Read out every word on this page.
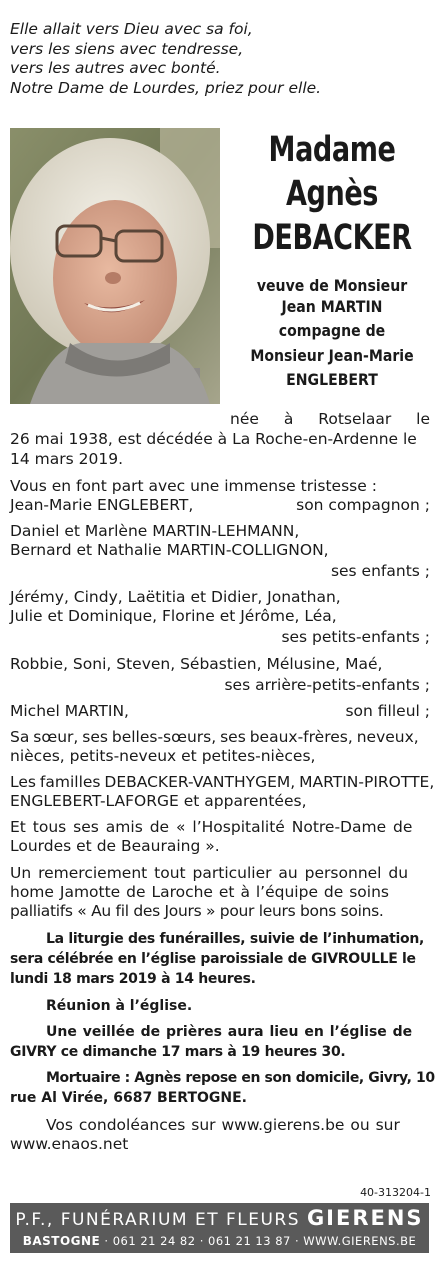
Elle allait vers Dieu avec sa foi,
vers les siens avec tendresse,
vers les autres avec bonté.
Notre Dame de Lourdes, priez pour elle.
Madame
Agnès
DEBACKER
veuve de Monsieur
Jean MARTIN
compagne de
Monsieur Jean-Marie
ENGLEBERT
née à Rotselaar le
26 mai 1938, est décédée à La Roche-en-Ardenne le
14 mars 2019.
Vous en font part avec une immense tristesse :
Jean-Marie ENGLEBERT,	son compagnon ;
Daniel et Marlène MARTIN-LEHMANN,
Bernard et Nathalie MARTIN-COLLIGNON,
ses enfants ;
Jérémy, Cindy, Laëtitia et Didier, Jonathan,
Julie et Dominique, Florine et Jérôme, Léa,
ses petits-enfants ;
Robbie, Soni, Steven, Sébastien, Mélusine, Maé,
ses arrière-petits-enfants ;
Michel MARTIN,	son filleul ;
Sa sœur, ses belles-sœurs, ses beaux-frères, neveux,
nièces, petits-neveux et petites-nièces,
Les familles DEBACKER-VANTHYGEM, MARTIN-PIROTTE,
ENGLEBERT-LAFORGE et apparentées,
Et tous ses amis de « l’Hospitalité Notre-Dame de
Lourdes et de Beauraing ».
Un remerciement tout particulier au personnel du
home Jamotte de Laroche et à l’équipe de soins
palliatifs « Au fil des Jours » pour leurs bons soins.
La liturgie des funérailles, suivie de l’inhumation,
sera célébrée en l’église paroissiale de GIVROULLE le
lundi 18 mars 2019 à 14 heures.
Réunion à l’église.
Une veillée de prières aura lieu en l’église de
GIVRY ce dimanche 17 mars à 19 heures 30.
Mortuaire : Agnès repose en son domicile, Givry, 10
rue Al Virée, 6687 BERTOGNE.
Vos condoléances sur www.gierens.be ou sur
www.enaos.net
40-313204-1
P.F., FUNÉRARIUM ET FLEURS GIERENS
BASTOGNE · 061 21 24 82 · 061 21 13 87 · WWW.GIERENS.BE
